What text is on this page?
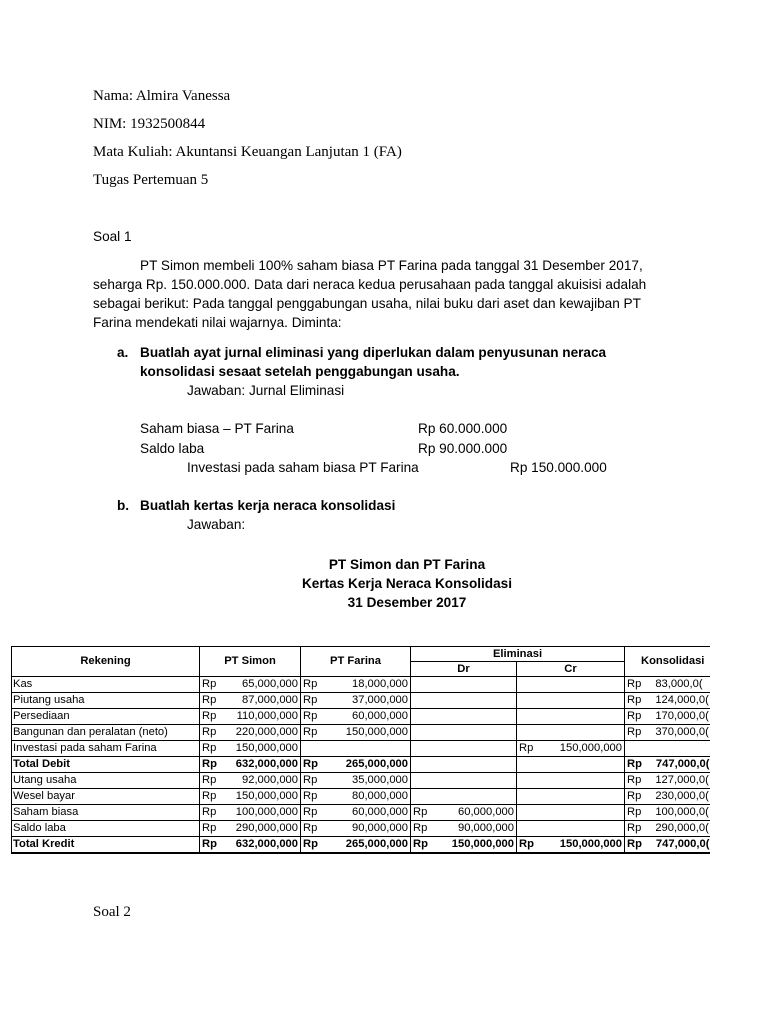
Nama: Almira Vanessa
NIM: 1932500844
Mata Kuliah: Akuntansi Keuangan Lanjutan 1 (FA)
Tugas Pertemuan 5
Soal 1
PT Simon membeli 100% saham biasa PT Farina pada tanggal 31 Desember 2017,
seharga Rp. 150.000.000. Data dari neraca kedua perusahaan pada tanggal akuisisi adalah
sebagai berikut: Pada tanggal penggabungan usaha, nilai buku dari aset dan kewajiban PT
Farina mendekati nilai wajarnya. Diminta:
a. Buatlah ayat jurnal eliminasi yang diperlukan dalam penyusunan neraca
konsolidasi sesaat setelah penggabungan usaha.
Jawaban: Jurnal Eliminasi
Saham biasa – PT Farina	Rp 60.000.000
Saldo laba	Rp 90.000.000
Investasi pada saham biasa PT Farina	Rp 150.000.000
b. Buatlah kertas kerja neraca konsolidasi
Jawaban:
PT Simon dan PT Farina
Kertas Kerja Neraca Konsolidasi
31 Desember 2017
Rekening	PT Simon	PT Farina	Eliminasi		Konsolidasi
			Dr	Cr	
Kas	Rp 65,000,000	Rp 18,000,000			Rp 83,000,0(

Piutang usaha	Rp 87,000,000	Rp 37,000,000			Rp 124,000,0(

Persediaan	Rp 110,000,000	Rp 60,000,000			Rp 170,000,0(

Bangunan dan peralatan (neto)	Rp 220,000,000	Rp 150,000,000			Rp 370,000,0(

Investasi pada saham Farina	Rp 150,000,000			Rp 150,000,000	

Total Debit	Rp 632,000,000	Rp 265,000,000			Rp 747,000,0(

Utang usaha	Rp 92,000,000	Rp 35,000,000			Rp 127,000,0(

Wesel bayar	Rp 150,000,000	Rp 80,000,000			Rp 230,000,0(

Saham biasa	Rp 100,000,000	Rp 60,000,000	Rp 60,000,000		Rp 100,000,0(

Saldo laba	Rp 290,000,000	Rp 90,000,000	Rp 90,000,000		Rp 290,000,0(

Total Kredit	Rp 632,000,000	Rp 265,000,000	Rp 150,000,000	Rp 150,000,000	Rp 747,000,0(
Soal 2
